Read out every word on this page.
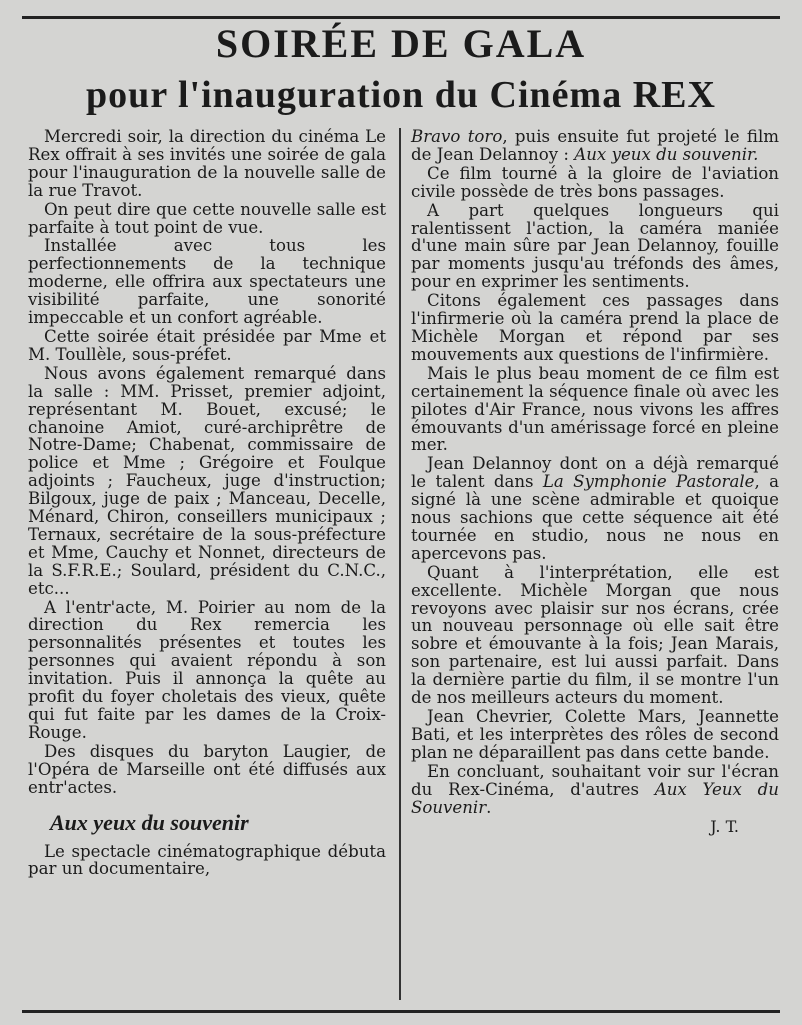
SOIRÉE DE GALA
pour l'inauguration du Cinéma REX

Mercredi soir, la direction du cinéma Le Rex offrait à ses invités une soirée de gala pour l'inauguration de la nouvelle salle de la rue Travot.

On peut dire que cette nouvelle salle est parfaite à tout point de vue.

Installée avec tous les perfectionnements de la technique moderne, elle offrira aux spectateurs une visibilité parfaite, une sonorité impeccable et un confort agréable.

Cette soirée était présidée par Mme et M. Toullèle, sous-préfet.

Nous avons également remarqué dans la salle : MM. Prisset, premier adjoint, représentant M. Bouet, excusé; le chanoine Amiot, curé-archiprêtre de Notre-Dame; Chabenat, commissaire de police et Mme ; Grégoire et Foulque adjoints ; Faucheux, juge d'instruction; Bilgoux, juge de paix ; Manceau, Decelle, Ménard, Chiron, conseillers municipaux ; Ternaux, secrétaire de la sous-préfecture et Mme, Cauchy et Nonnet, directeurs de la S.F.R.E.; Soulard, président du C.N.C., etc...

A l'entr'acte, M. Poirier au nom de la direction du Rex remercia les personnalités présentes et toutes les personnes qui avaient répondu à son invitation. Puis il annonça la quête au profit du foyer choletais des vieux, quête qui fut faite par les dames de la Croix-Rouge.

Des disques du baryton Laugier, de l'Opéra de Marseille ont été diffusés aux entr'actes.

Aux yeux du souvenir

Le spectacle cinématographique débuta par un documentaire,

Bravo toro, puis ensuite fut projeté le film de Jean Delannoy : Aux yeux du souvenir.

Ce film tourné à la gloire de l'aviation civile possède de très bons passages.

A part quelques longueurs qui ralentissent l'action, la caméra maniée d'une main sûre par Jean Delannoy, fouille par moments jusqu'au tréfonds des âmes, pour en exprimer les sentiments.

Citons également ces passages dans l'infirmerie où la caméra prend la place de Michèle Morgan et répond par ses mouvements aux questions de l'infirmière.

Mais le plus beau moment de ce film est certainement la séquence finale où avec les pilotes d'Air France, nous vivons les affres émouvants d'un amérissage forcé en pleine mer.

Jean Delannoy dont on a déjà remarqué le talent dans La Symphonie Pastorale, a signé là une scène admirable et quoique nous sachions que cette séquence ait été tournée en studio, nous ne nous en apercevons pas.

Quant à l'interprétation, elle est excellente. Michèle Morgan que nous revoyons avec plaisir sur nos écrans, crée un nouveau personnage où elle sait être sobre et émouvante à la fois; Jean Marais, son partenaire, est lui aussi parfait. Dans la dernière partie du film, il se montre l'un de nos meilleurs acteurs du moment.

Jean Chevrier, Colette Mars, Jeannette Bati, et les interprètes des rôles de second plan ne déparaillent pas dans cette bande.

En concluant, souhaitant voir sur l'écran du Rex-Cinéma, d'autres Aux Yeux du Souvenir.

J. T.
